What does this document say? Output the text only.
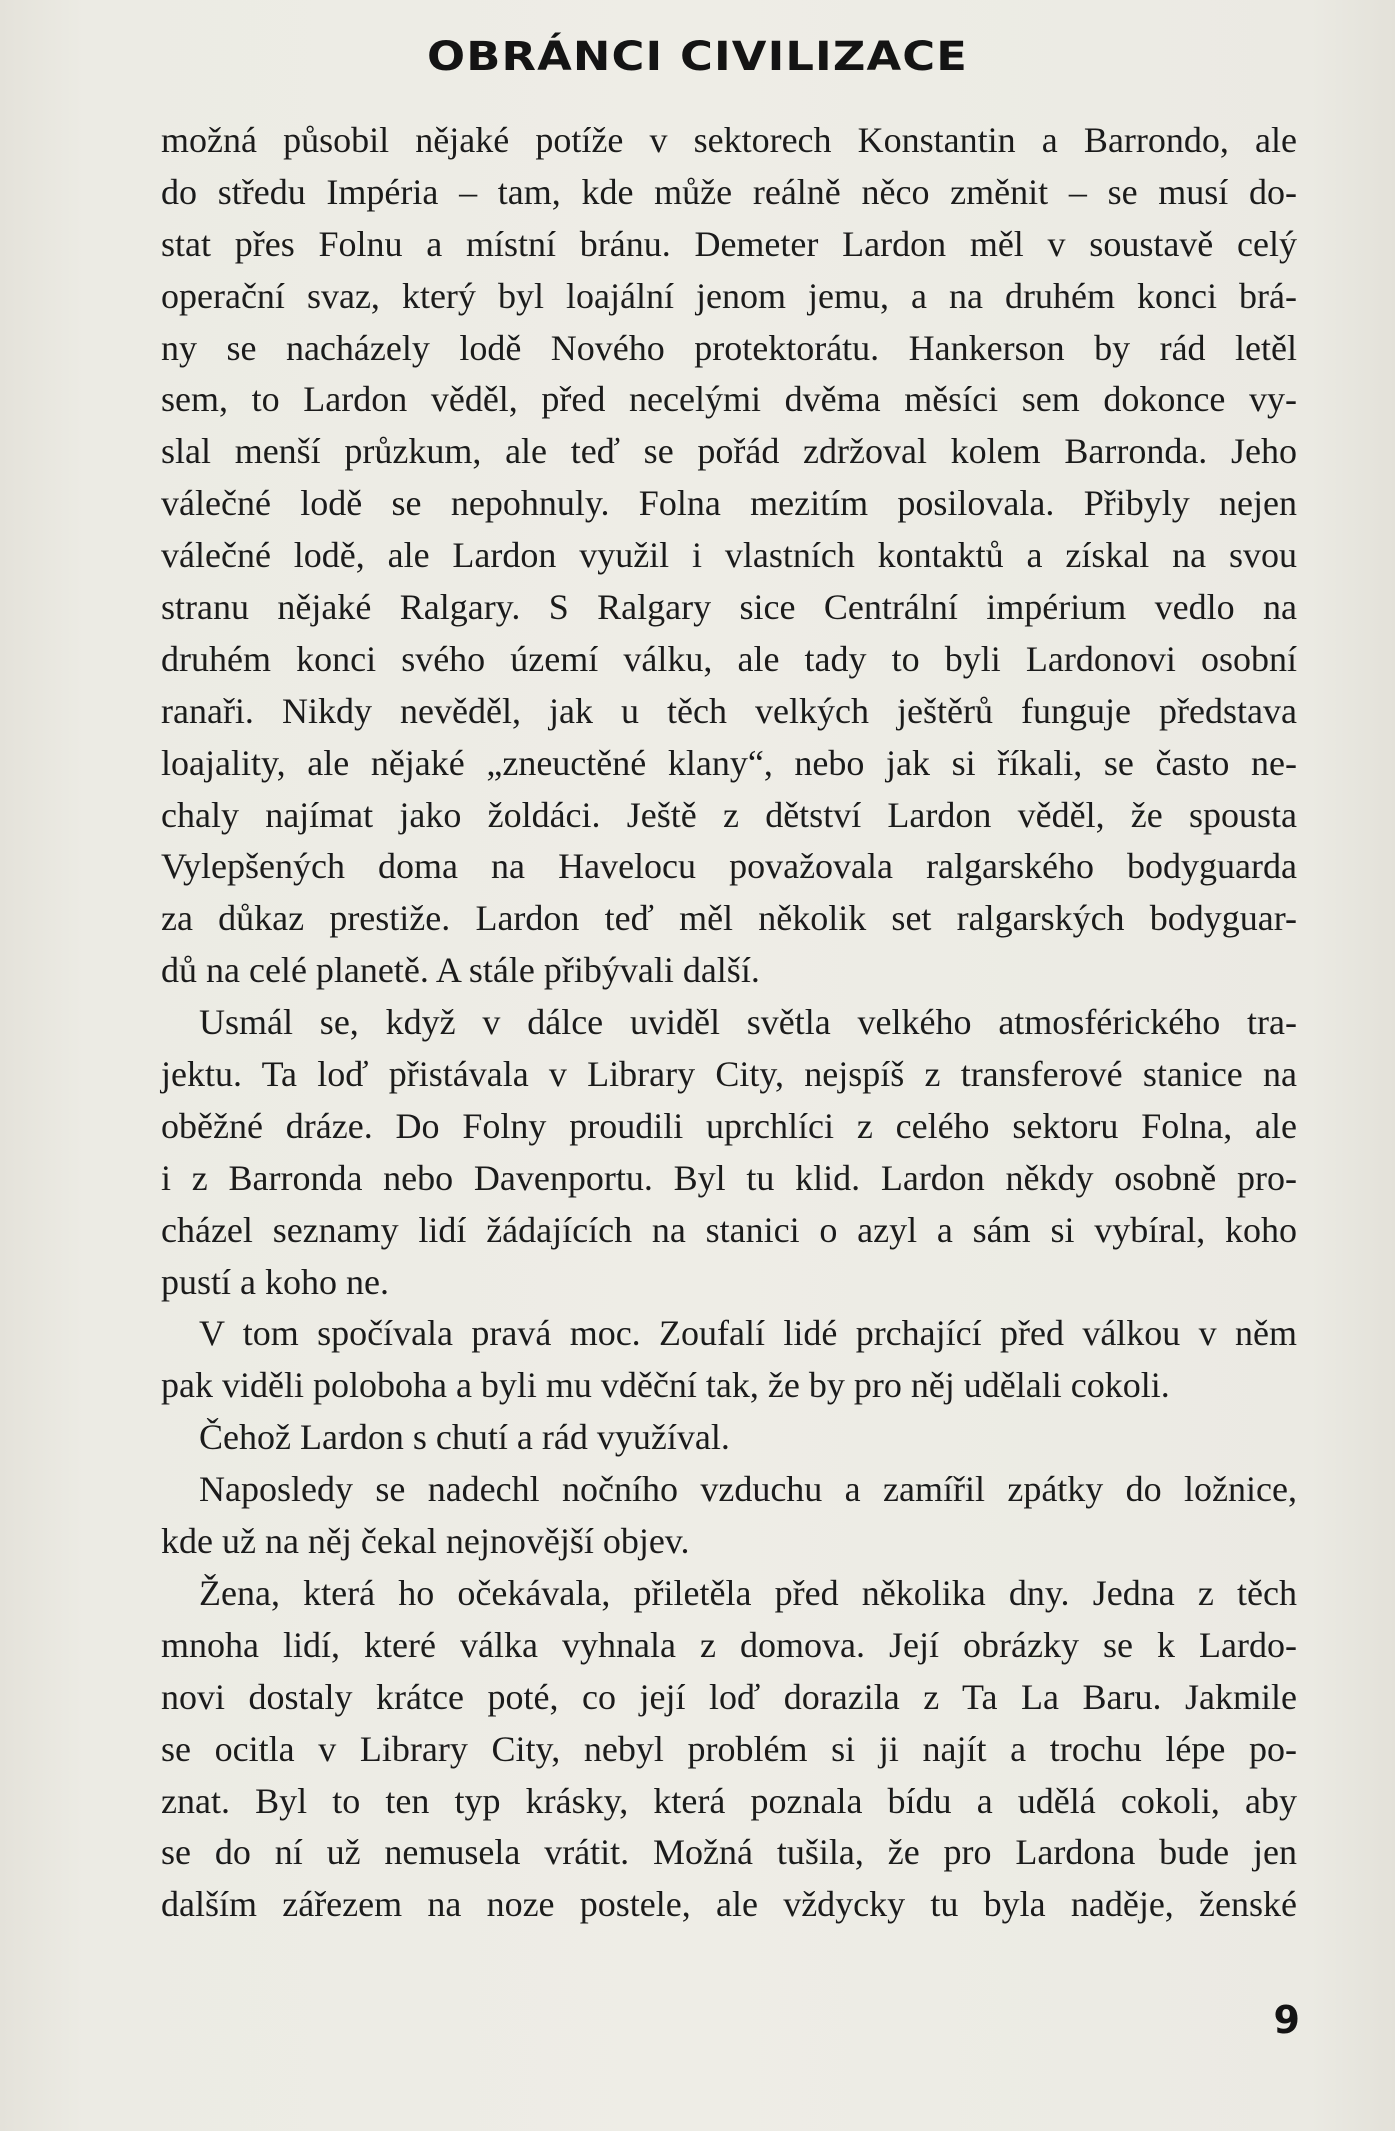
OBRÁNCI CIVILIZACE
možná působil nějaké potíže v sektorech Konstantin a Barrondo, ale
do středu Impéria – tam, kde může reálně něco změnit – se musí do-
stat přes Folnu a místní bránu. Demeter Lardon měl v soustavě celý
operační svaz, který byl loajální jenom jemu, a na druhém konci brá-
ny se nacházely lodě Nového protektorátu. Hankerson by rád letěl
sem, to Lardon věděl, před necelými dvěma měsíci sem dokonce vy-
slal menší průzkum, ale teď se pořád zdržoval kolem Barronda. Jeho
válečné lodě se nepohnuly. Folna mezitím posilovala. Přibyly nejen
válečné lodě, ale Lardon využil i vlastních kontaktů a získal na svou
stranu nějaké Ralgary. S Ralgary sice Centrální impérium vedlo na
druhém konci svého území válku, ale tady to byli Lardonovi osobní
ranaři. Nikdy nevěděl, jak u těch velkých ještěrů funguje představa
loajality, ale nějaké „zneuctěné klany“, nebo jak si říkali, se často ne-
chaly najímat jako žoldáci. Ještě z dětství Lardon věděl, že spousta
Vylepšených doma na Havelocu považovala ralgarského bodyguarda
za důkaz prestiže. Lardon teď měl několik set ralgarských bodyguar-
dů na celé planetě. A stále přibývali další.
Usmál se, když v dálce uviděl světla velkého atmosférického tra-
jektu. Ta loď přistávala v Library City, nejspíš z transferové stanice na
oběžné dráze. Do Folny proudili uprchlíci z celého sektoru Folna, ale
i z Barronda nebo Davenportu. Byl tu klid. Lardon někdy osobně pro-
cházel seznamy lidí žádajících na stanici o azyl a sám si vybíral, koho
pustí a koho ne.
V tom spočívala pravá moc. Zoufalí lidé prchající před válkou v něm
pak viděli poloboha a byli mu vděční tak, že by pro něj udělali cokoli.
Čehož Lardon s chutí a rád využíval.
Naposledy se nadechl nočního vzduchu a zamířil zpátky do ložnice,
kde už na něj čekal nejnovější objev.
Žena, která ho očekávala, přiletěla před několika dny. Jedna z těch
mnoha lidí, které válka vyhnala z domova. Její obrázky se k Lardo-
novi dostaly krátce poté, co její loď dorazila z Ta La Baru. Jakmile
se ocitla v Library City, nebyl problém si ji najít a trochu lépe po-
znat. Byl to ten typ krásky, která poznala bídu a udělá cokoli, aby
se do ní už nemusela vrátit. Možná tušila, že pro Lardona bude jen
dalším zářezem na noze postele, ale vždycky tu byla naděje, ženské
9
